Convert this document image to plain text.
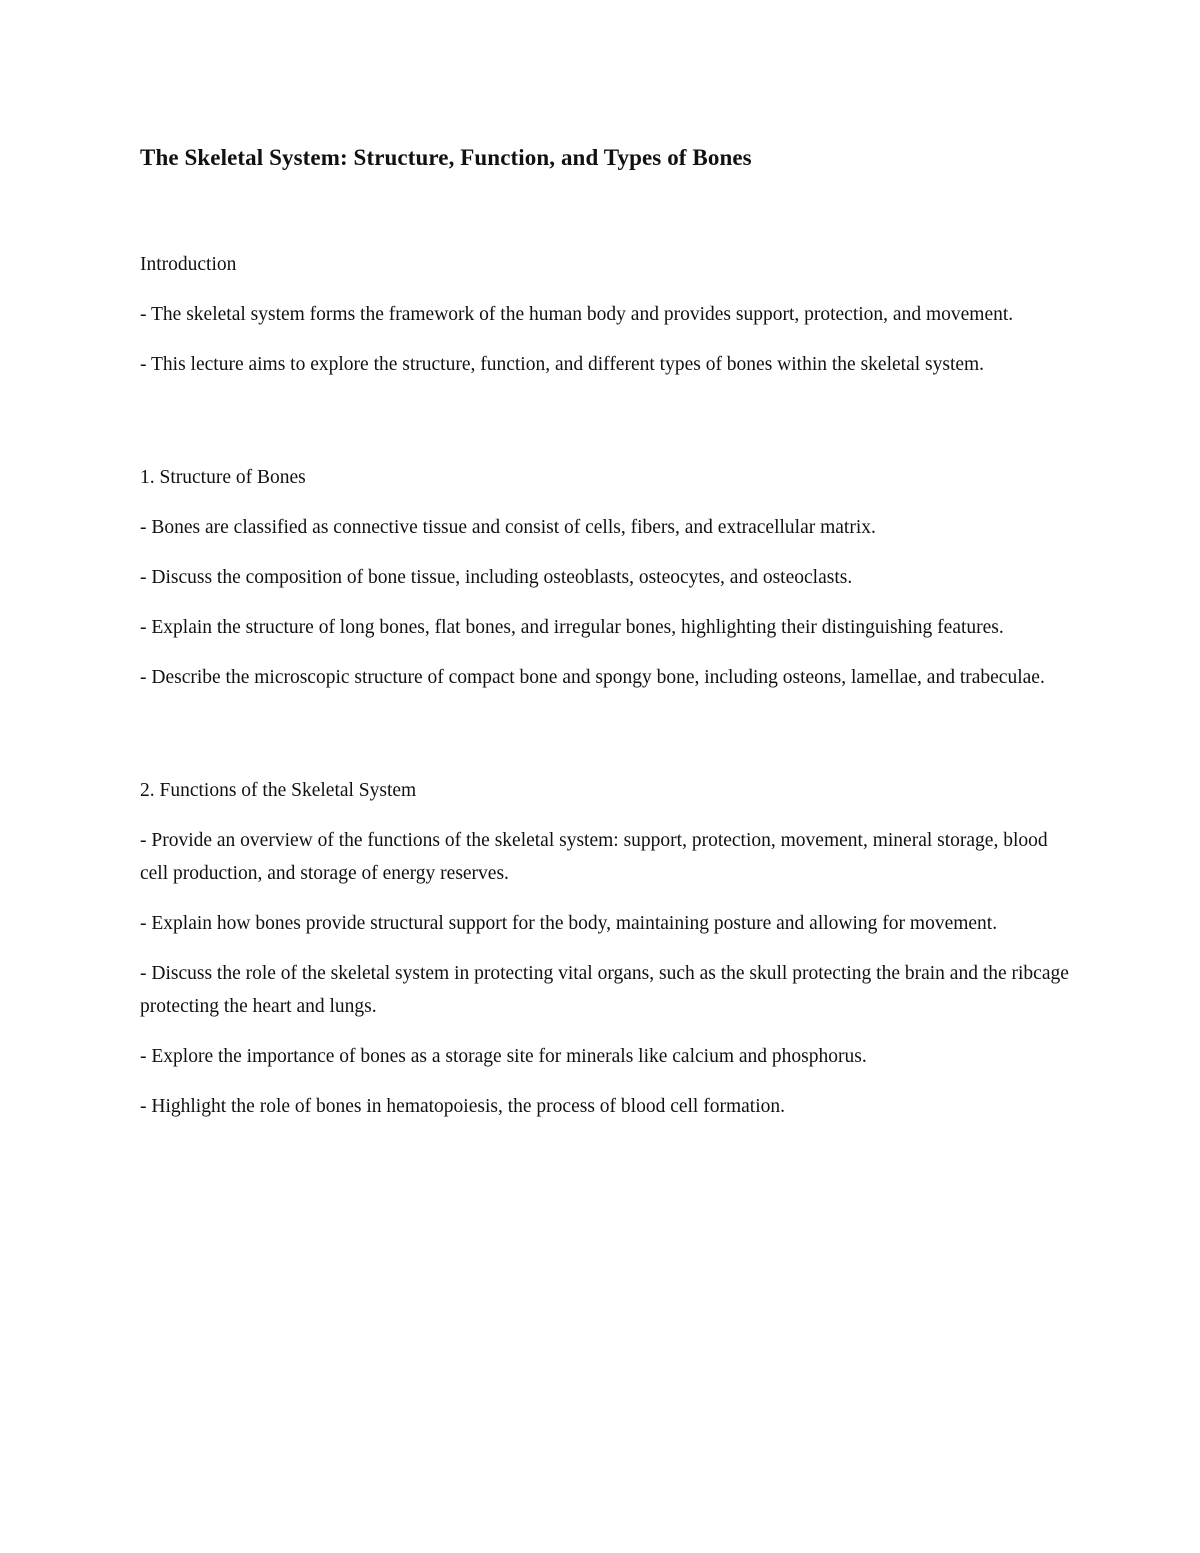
The Skeletal System: Structure, Function, and Types of Bones

Introduction

- The skeletal system forms the framework of the human body and provides support, protection, and movement.

- This lecture aims to explore the structure, function, and different types of bones within the skeletal system.

1. Structure of Bones

- Bones are classified as connective tissue and consist of cells, fibers, and extracellular matrix.

- Discuss the composition of bone tissue, including osteoblasts, osteocytes, and osteoclasts.

- Explain the structure of long bones, flat bones, and irregular bones, highlighting their distinguishing features.

- Describe the microscopic structure of compact bone and spongy bone, including osteons, lamellae, and trabeculae.

2. Functions of the Skeletal System

- Provide an overview of the functions of the skeletal system: support, protection, movement, mineral storage, blood cell production, and storage of energy reserves.

- Explain how bones provide structural support for the body, maintaining posture and allowing for movement.

- Discuss the role of the skeletal system in protecting vital organs, such as the skull protecting the brain and the ribcage protecting the heart and lungs.

- Explore the importance of bones as a storage site for minerals like calcium and phosphorus.

- Highlight the role of bones in hematopoiesis, the process of blood cell formation.
